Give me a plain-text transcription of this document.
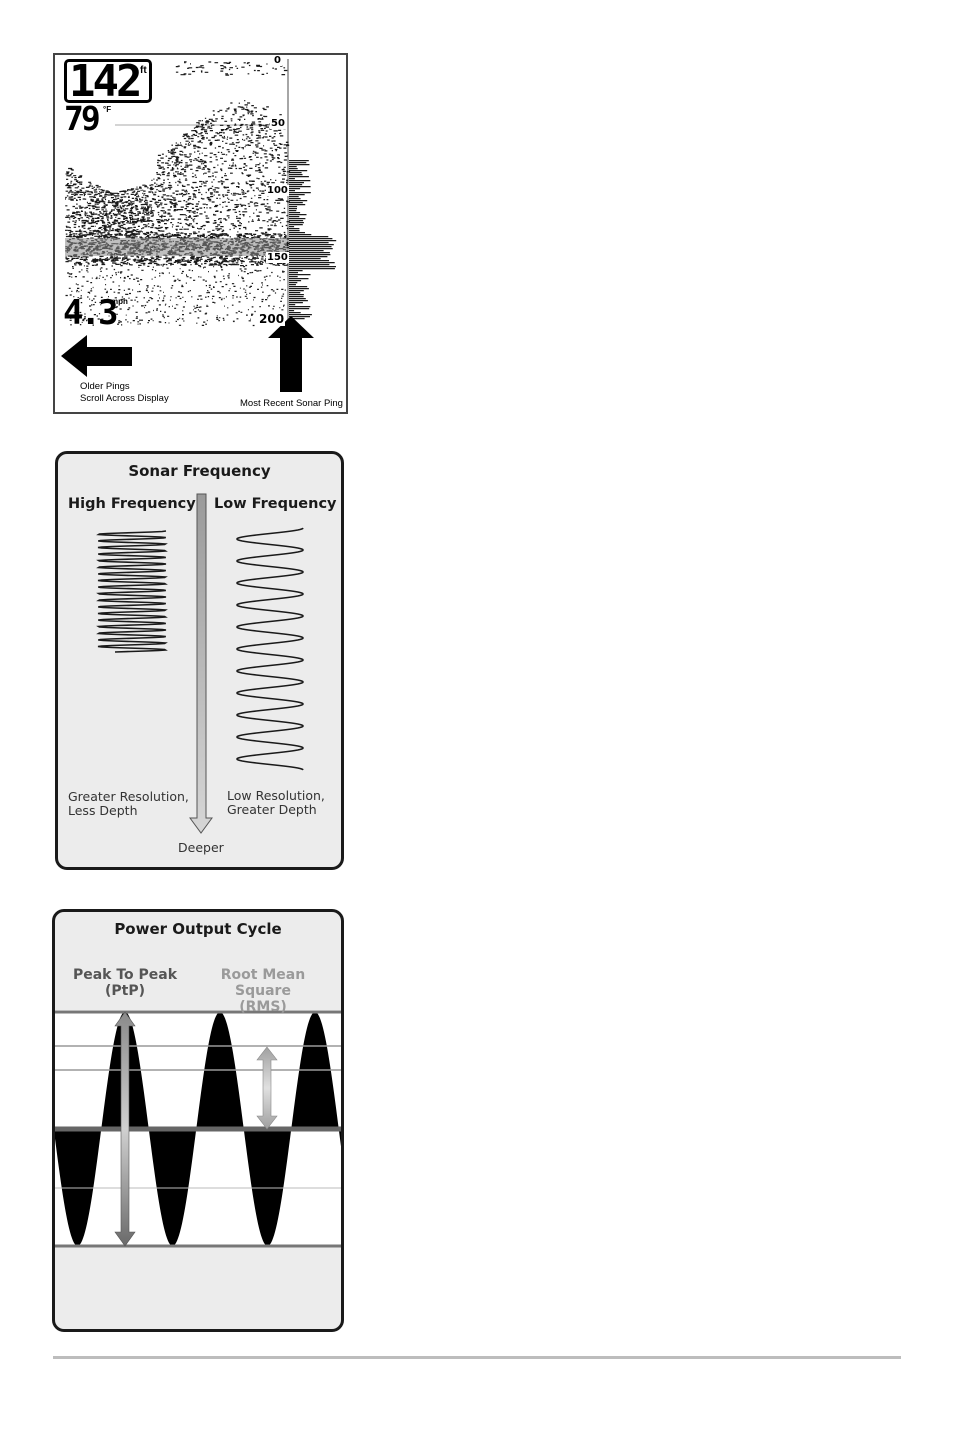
142 ft
79 °F
4.3
mph
0
50
100
150
200
Older Pings
Scroll Across Display	Most Recent Sonar Ping
Sonar Frequency
High Frequency Low Frequency
Greater Resolution,
Less Depth
Low Resolution,
Greater Depth
Deeper
Power Output Cycle
Peak To Peak
(PtP)
Root Mean Square
(RMS)
